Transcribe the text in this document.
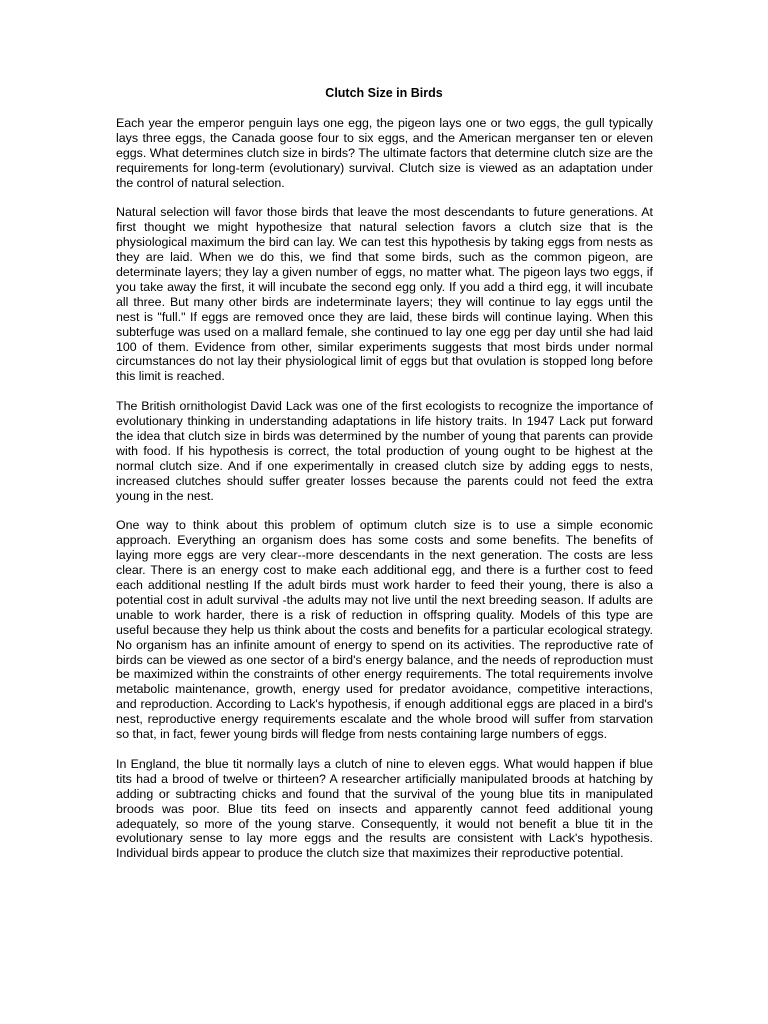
Clutch Size in Birds

Each year the emperor penguin lays one egg, the pigeon lays one or two eggs, the gull typically lays three eggs, the Canada goose four to six eggs, and the American merganser ten or eleven eggs. What determines clutch size in birds? The ultimate factors that determine clutch size are the requirements for long-term (evolutionary) survival. Clutch size is viewed as an adaptation under the control of natural selection.

Natural selection will favor those birds that leave the most descendants to future generations. At first thought we might hypothesize that natural selection favors a clutch size that is the physiological maximum the bird can lay. We can test this hypothesis by taking eggs from nests as they are laid. When we do this, we find that some birds, such as the common pigeon, are determinate layers; they lay a given number of eggs, no matter what. The pigeon lays two eggs, if you take away the first, it will incubate the second egg only. If you add a third egg, it will incubate all three. But many other birds are indeterminate layers; they will continue to lay eggs until the nest is "full." If eggs are removed once they are laid, these birds will continue laying. When this subterfuge was used on a mallard female, she continued to lay one egg per day until she had laid 100 of them. Evidence from other, similar experiments suggests that most birds under normal circumstances do not lay their physiological limit of eggs but that ovulation is stopped long before this limit is reached.

The British ornithologist David Lack was one of the first ecologists to recognize the importance of evolutionary thinking in understanding adaptations in life history traits. In 1947 Lack put forward the idea that clutch size in birds was determined by the number of young that parents can provide with food. If his hypothesis is correct, the total production of young ought to be highest at the normal clutch size. And if one experimentally in creased clutch size by adding eggs to nests, increased clutches should suffer greater losses because the parents could not feed the extra young in the nest.

One way to think about this problem of optimum clutch size is to use a simple economic approach. Everything an organism does has some costs and some benefits. The benefits of laying more eggs are very clear--more descendants in the next generation. The costs are less clear. There is an energy cost to make each additional egg, and there is a further cost to feed each additional nestling If the adult birds must work harder to feed their young, there is also a potential cost in adult survival -the adults may not live until the next breeding season. If adults are unable to work harder, there is a risk of reduction in offspring quality. Models of this type are useful because they help us think about the costs and benefits for a particular ecological strategy. No organism has an infinite amount of energy to spend on its activities. The reproductive rate of birds can be viewed as one sector of a bird's energy balance, and the needs of reproduction must be maximized within the constraints of other energy requirements. The total requirements involve metabolic maintenance, growth, energy used for predator avoidance, competitive interactions, and reproduction. According to Lack's hypothesis, if enough additional eggs are placed in a bird's nest, reproductive energy requirements escalate and the whole brood will suffer from starvation so that, in fact, fewer young birds will fledge from nests containing large numbers of eggs.

In England, the blue tit normally lays a clutch of nine to eleven eggs. What would happen if blue tits had a brood of twelve or thirteen? A researcher artificially manipulated broods at hatching by adding or subtracting chicks and found that the survival of the young blue tits in manipulated broods was poor. Blue tits feed on insects and apparently cannot feed additional young adequately, so more of the young starve. Consequently, it would not benefit a blue tit in the evolutionary sense to lay more eggs and the results are consistent with Lack's hypothesis. Individual birds appear to produce the clutch size that maximizes their reproductive potential.
